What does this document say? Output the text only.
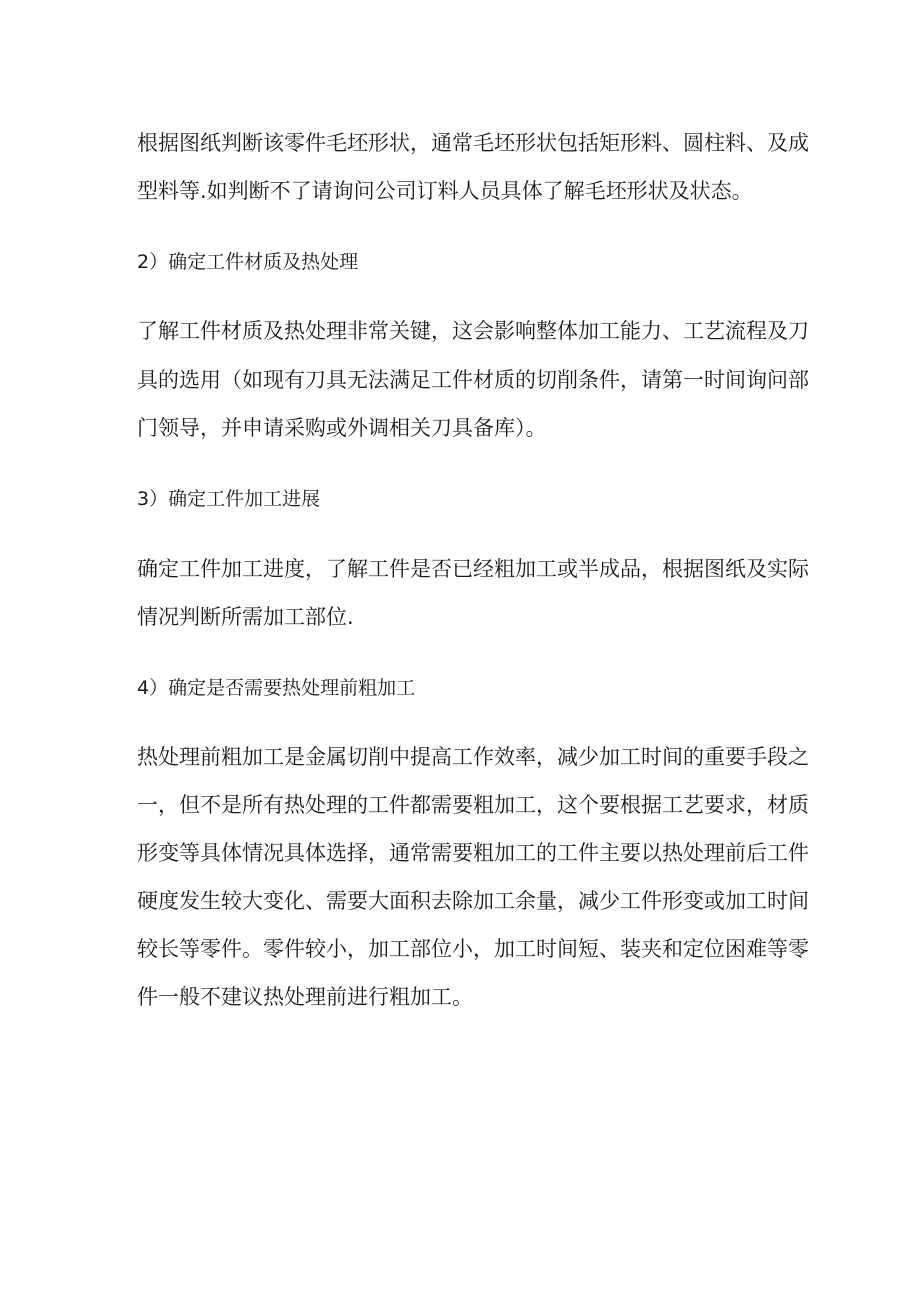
根据图纸判断该零件毛坯形状，通常毛坯形状包括矩形料、圆柱料、及成

型料等.如判断不了请询问公司订料人员具体了解毛坯形状及状态。

2）确定工件材质及热处理

了解工件材质及热处理非常关键，这会影响整体加工能力、工艺流程及刀

具的选用（如现有刀具无法满足工件材质的切削条件，请第一时间询问部

门领导，并申请采购或外调相关刀具备库）。

3）确定工件加工进展

确定工件加工进度，了解工件是否已经粗加工或半成品，根据图纸及实际

情况判断所需加工部位.

4）确定是否需要热处理前粗加工

热处理前粗加工是金属切削中提高工作效率，减少加工时间的重要手段之

一，但不是所有热处理的工件都需要粗加工，这个要根据工艺要求，材质

形变等具体情况具体选择，通常需要粗加工的工件主要以热处理前后工件

硬度发生较大变化、需要大面积去除加工余量，减少工件形变或加工时间

较长等零件。零件较小，加工部位小，加工时间短、装夹和定位困难等零

件一般不建议热处理前进行粗加工。
